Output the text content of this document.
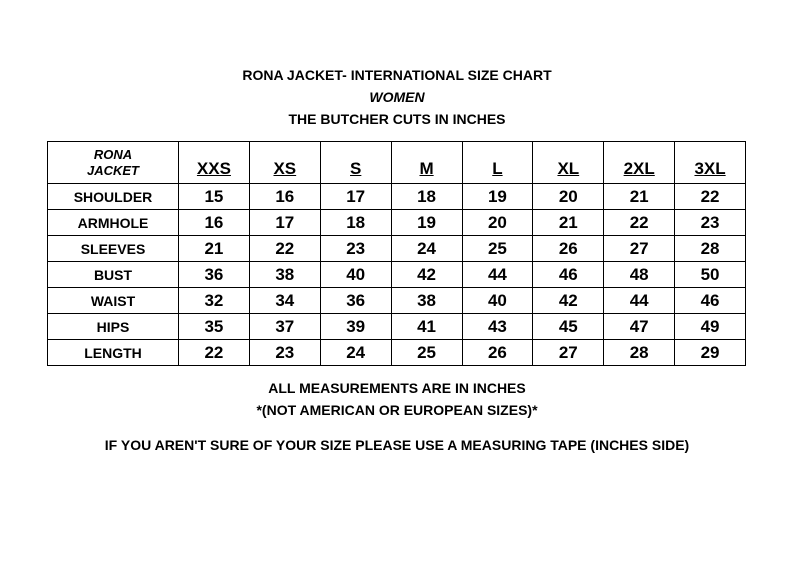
RONA JACKET- INTERNATIONAL SIZE CHART
WOMEN
THE BUTCHER CUTS IN INCHES
RONA
JACKET	XXS	XS	S	M	L	XL	2XL	3XL
SHOULDER	15	16	17	18	19	20	21	22
ARMHOLE	16	17	18	19	20	21	22	23
SLEEVES	21	22	23	24	25	26	27	28
BUST	36	38	40	42	44	46	48	50
WAIST	32	34	36	38	40	42	44	46
HIPS	35	37	39	41	43	45	47	49
LENGTH	22	23	24	25	26	27	28	29
ALL MEASUREMENTS ARE IN INCHES
*(NOT AMERICAN OR EUROPEAN SIZES)*
IF YOU AREN'T SURE OF YOUR SIZE PLEASE USE A MEASURING TAPE (INCHES SIDE)
